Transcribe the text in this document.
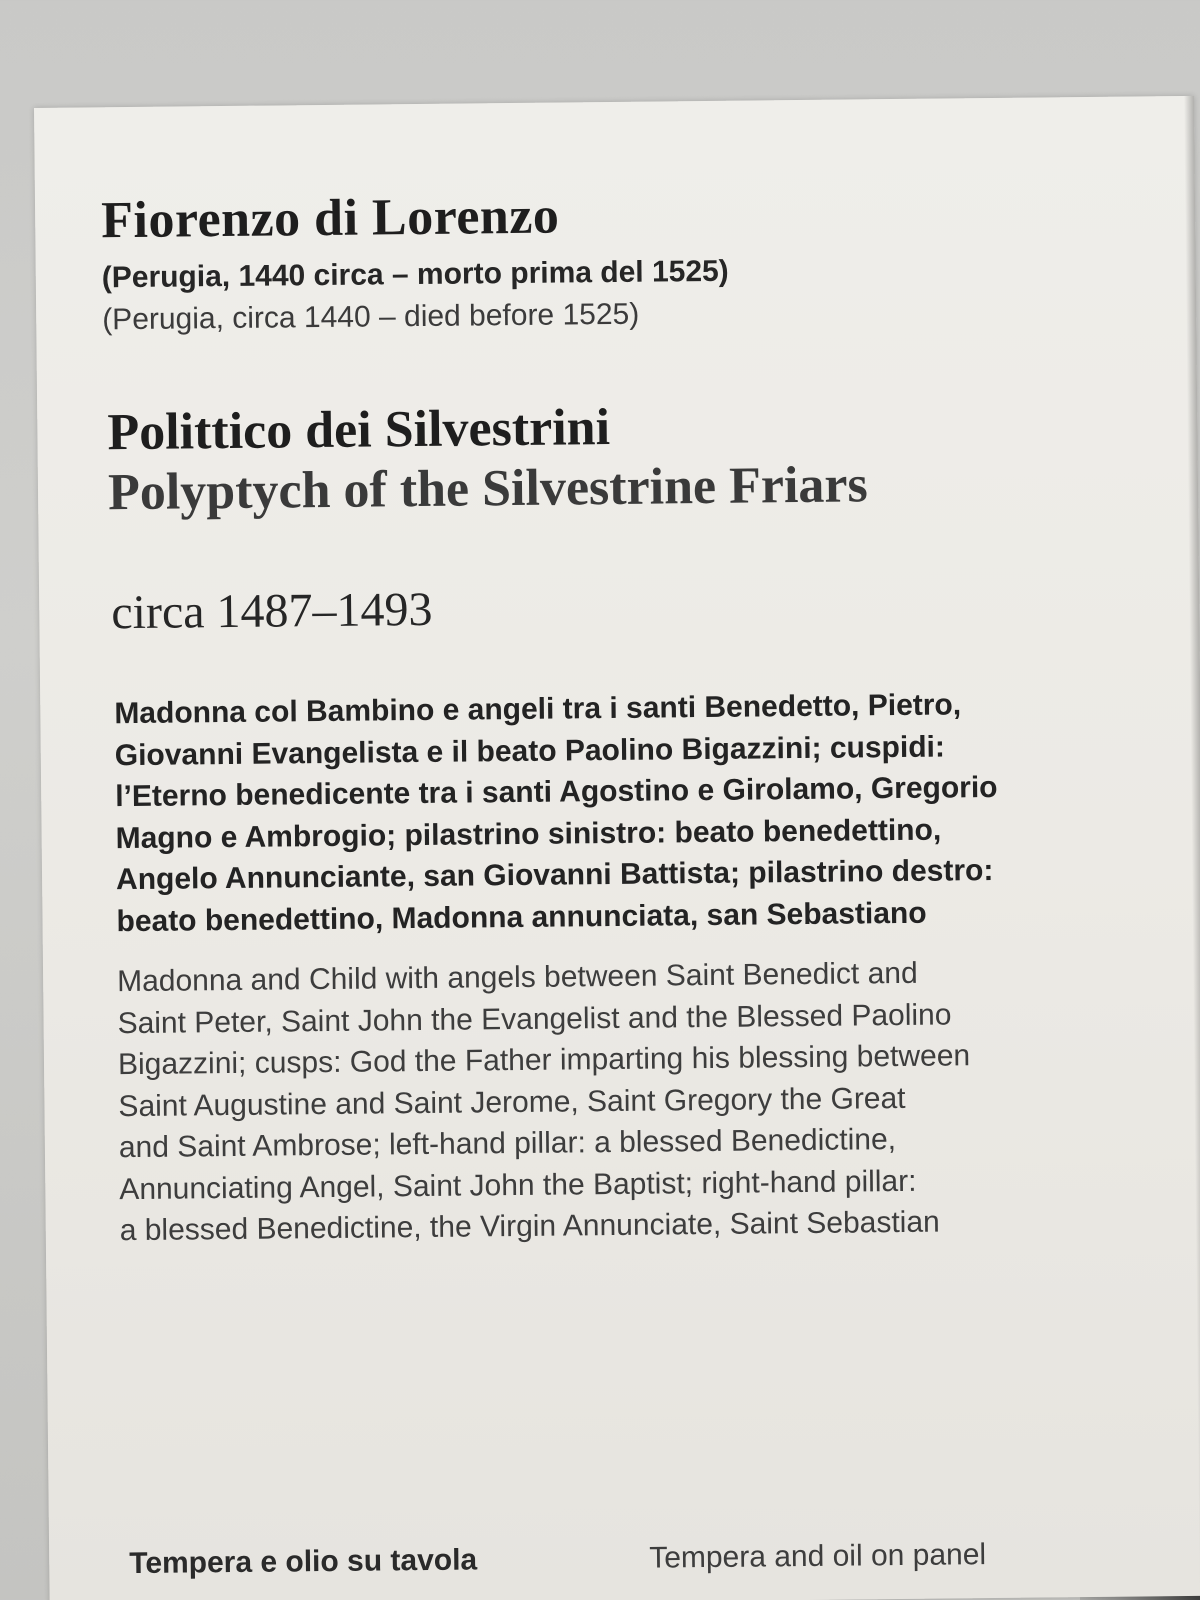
Fiorenzo di Lorenzo

(Perugia, 1440 circa – morto prima del 1525)

(Perugia, circa 1440 – died before 1525)

Polittico dei Silvestrini
Polyptych of the Silvestrine Friars

circa 1487–1493

Madonna col Bambino e angeli tra i santi Benedetto, Pietro,
Giovanni Evangelista e il beato Paolino Bigazzini; cuspidi:
l’Eterno benedicente tra i santi Agostino e Girolamo, Gregorio
Magno e Ambrogio; pilastrino sinistro: beato benedettino,
Angelo Annunciante, san Giovanni Battista; pilastrino destro:
beato benedettino, Madonna annunciata, san Sebastiano

Madonna and Child with angels between Saint Benedict and
Saint Peter, Saint John the Evangelist and the Blessed Paolino
Bigazzini; cusps: God the Father imparting his blessing between
Saint Augustine and Saint Jerome, Saint Gregory the Great
and Saint Ambrose; left-hand pillar: a blessed Benedictine,
Annunciating Angel, Saint John the Baptist; right-hand pillar:
a blessed Benedictine, the Virgin Annunciate, Saint Sebastian

Tempera e olio su tavola	Tempera and oil on panel
